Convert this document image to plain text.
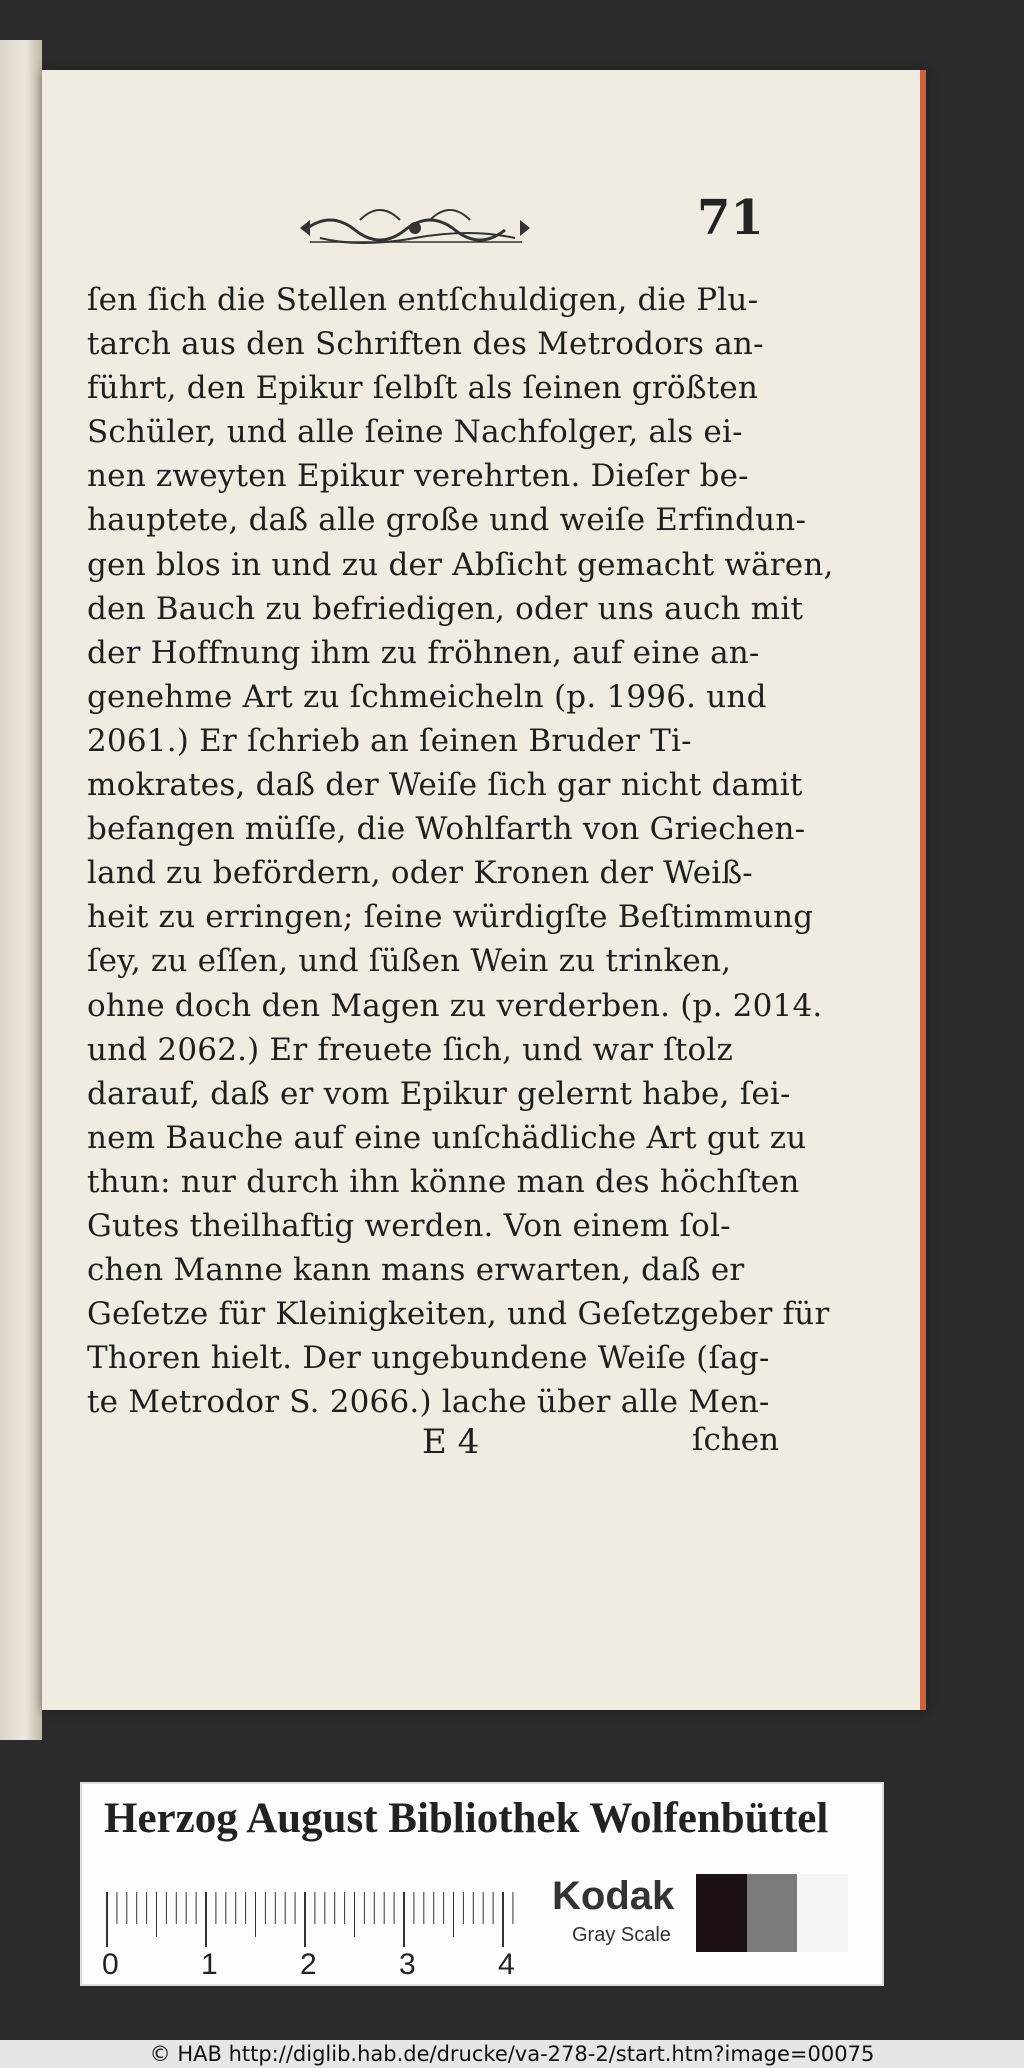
71
ſen ſich die Stellen entſchuldigen, die Plu-
tarch aus den Schriften des Metrodors an-
führt, den Epikur ſelbſt als ſeinen größten
Schüler, und alle ſeine Nachfolger, als ei-
nen zweyten Epikur verehrten. Dieſer be-
hauptete, daß alle große und weiſe Erfindun-
gen blos in und zu der Abſicht gemacht wären,
den Bauch zu befriedigen, oder uns auch mit
der Hoffnung ihm zu fröhnen, auf eine an-
genehme Art zu ſchmeicheln (p. 1996. und
2061.) Er ſchrieb an ſeinen Bruder Ti-
mokrates, daß der Weiſe ſich gar nicht damit
befangen müſſe, die Wohlfarth von Griechen-
land zu befördern, oder Kronen der Weiß-
heit zu erringen; ſeine würdigſte Beſtimmung
ſey, zu eſſen, und ſüßen Wein zu trinken,
ohne doch den Magen zu verderben. (p. 2014.
und 2062.) Er freuete ſich, und war ſtolz
darauf, daß er vom Epikur gelernt habe, ſei-
nem Bauche auf eine unſchädliche Art gut zu
thun: nur durch ihn könne man des höchſten
Gutes theilhaftig werden. Von einem ſol-
chen Manne kann mans erwarten, daß er
Geſetze für Kleinigkeiten, und Geſetzgeber für
Thoren hielt. Der ungebundene Weiſe (ſag-
te Metrodor S. 2066.) lache über alle Men-
E 4	ſchen
Herzog August Bibliothek Wolfenbüttel
0	1	2	3	4
Kodak
Gray Scale
© HAB http://diglib.hab.de/drucke/va-278-2/start.htm?image=00075
